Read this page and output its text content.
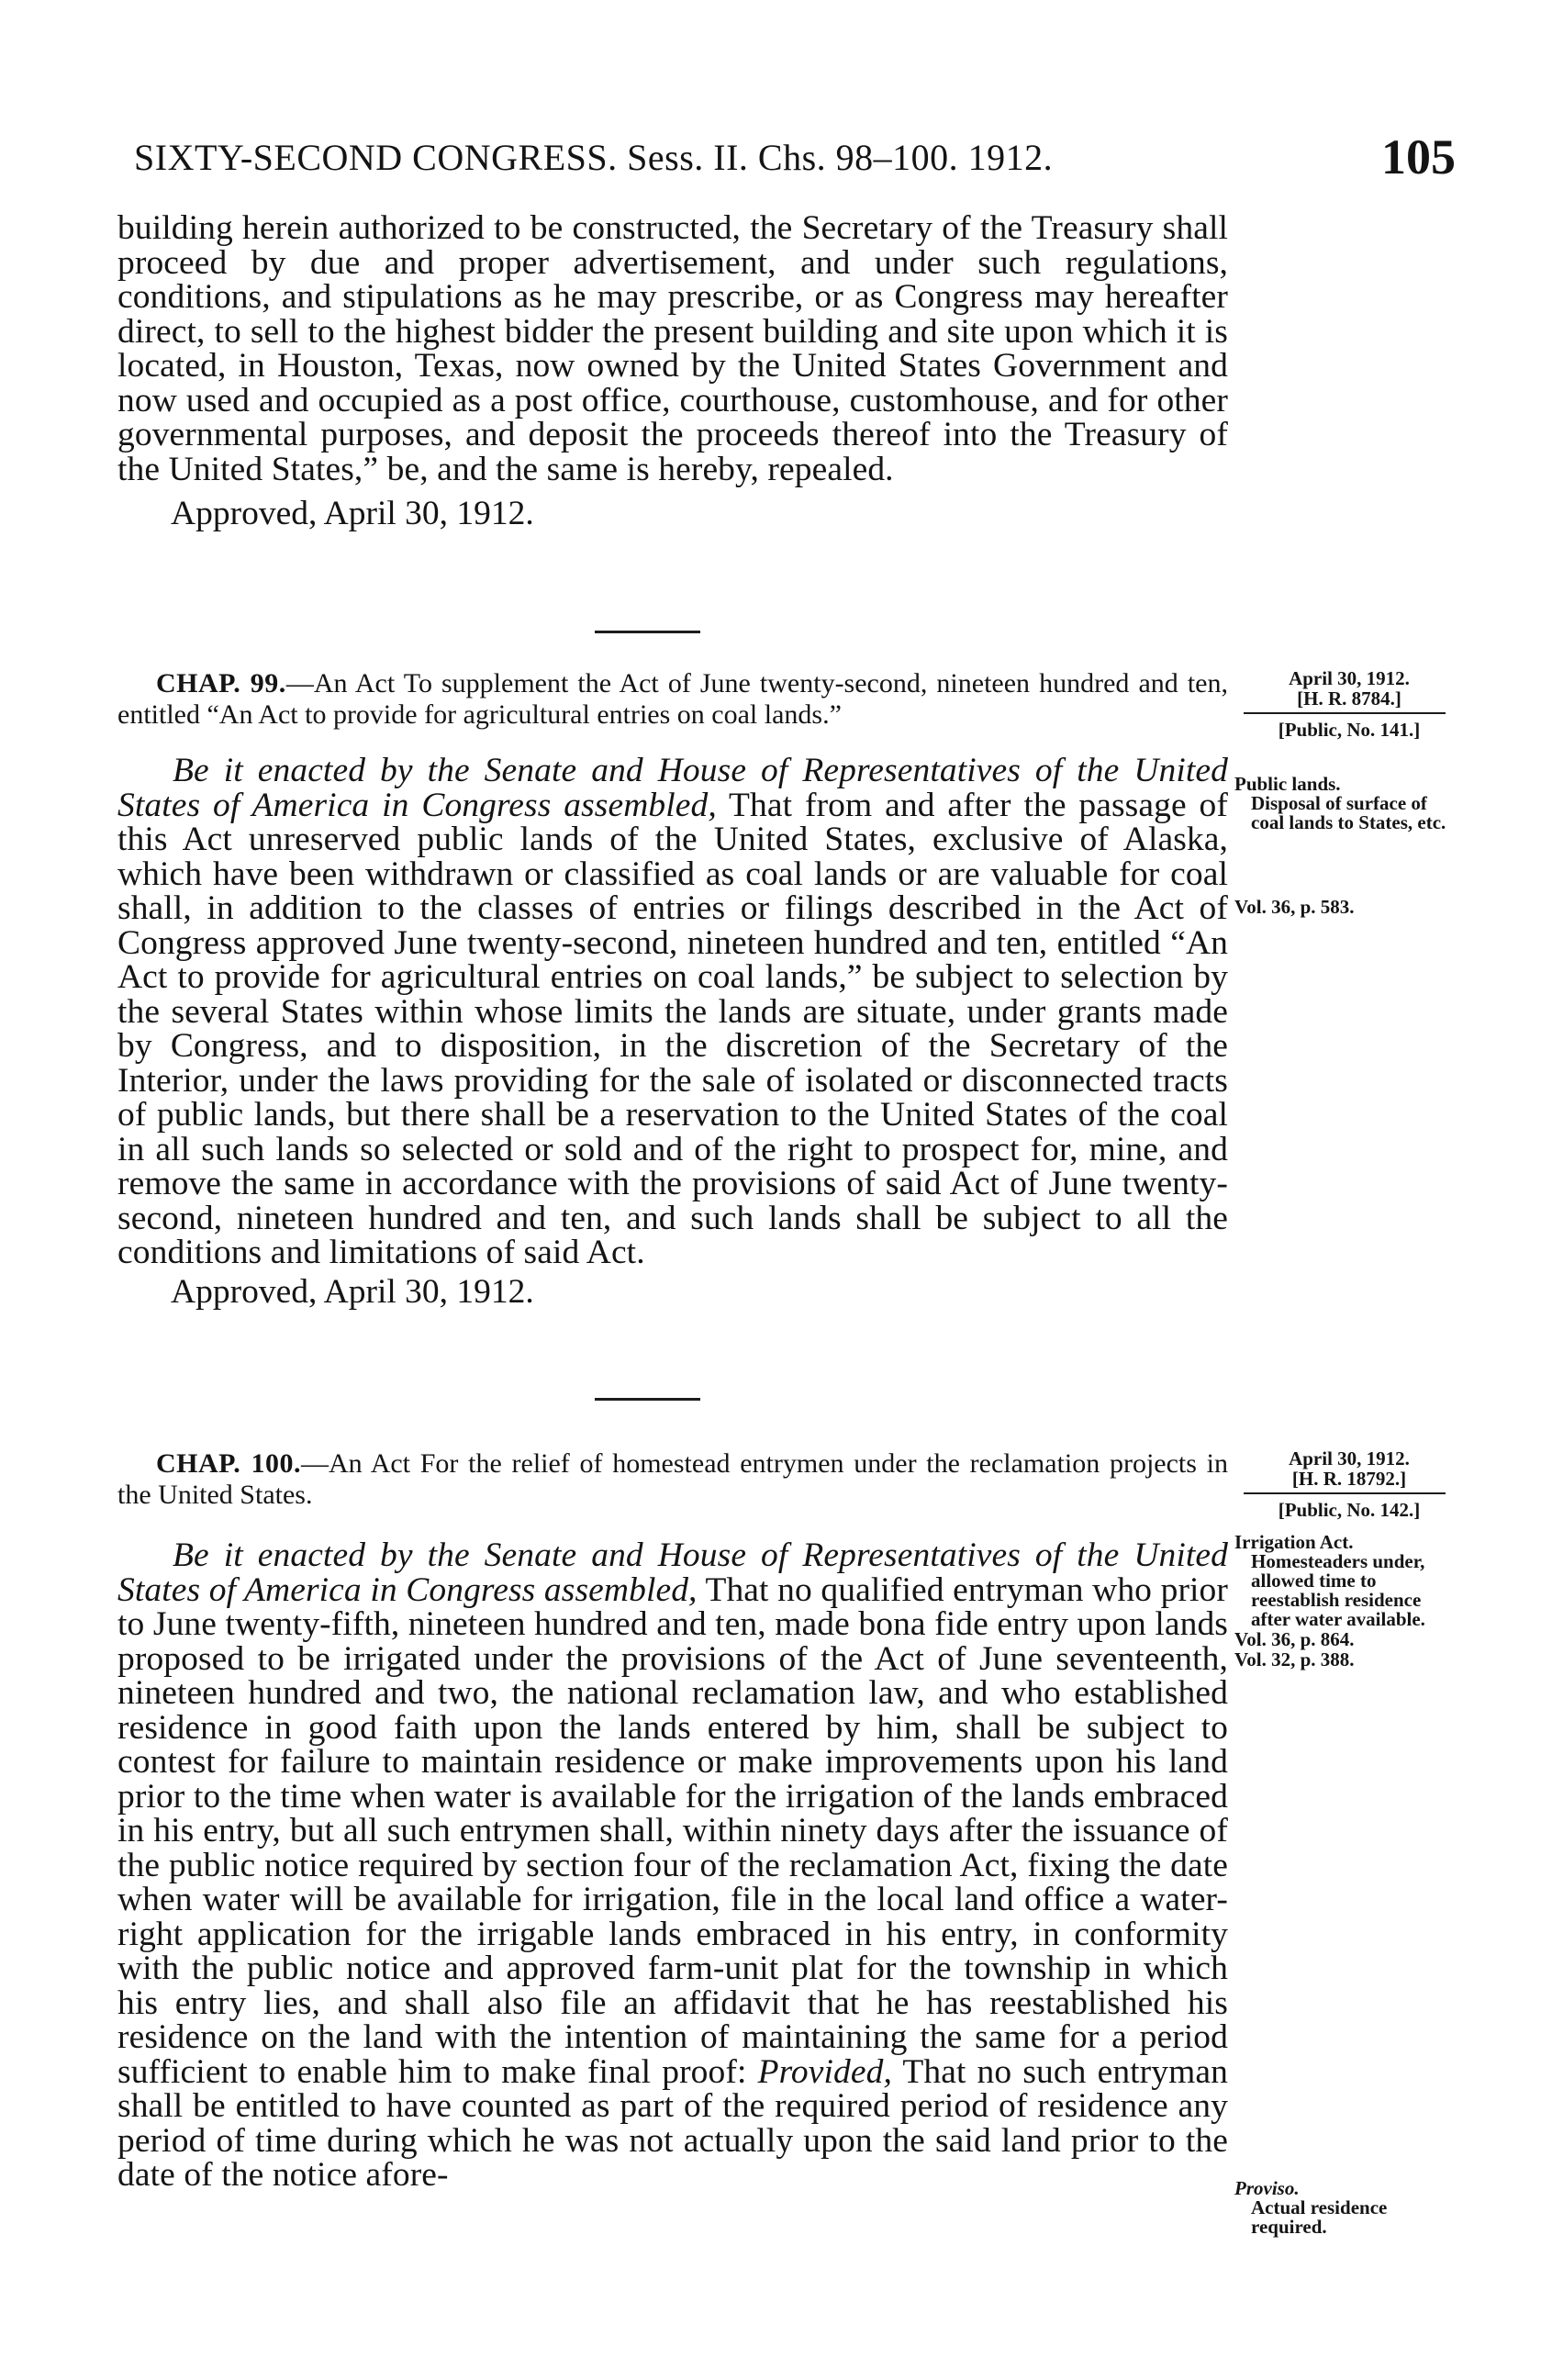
SIXTY-SECOND CONGRESS. Sess. II. Chs. 98–100. 1912.	105

building herein authorized to be constructed, the Secretary of the Treasury shall proceed by due and proper advertisement, and under such regulations, conditions, and stipulations as he may prescribe, or as Congress may hereafter direct, to sell to the highest bidder the present building and site upon which it is located, in Houston, Texas, now owned by the United States Government and now used and occupied as a post office, courthouse, customhouse, and for other governmental purposes, and deposit the proceeds thereof into the Treasury of the United States,” be, and the same is hereby, repealed.

Approved, April 30, 1912.

CHAP. 99.—An Act To supplement the Act of June twenty-second, nineteen hundred and ten, entitled “An Act to provide for agricultural entries on coal lands.”

Be it enacted by the Senate and House of Representatives of the United States of America in Congress assembled, That from and after the passage of this Act unreserved public lands of the United States, exclusive of Alaska, which have been withdrawn or classified as coal lands or are valuable for coal shall, in addition to the classes of entries or filings described in the Act of Congress approved June twenty-second, nineteen hundred and ten, entitled “An Act to provide for agricultural entries on coal lands,” be subject to selection by the several States within whose limits the lands are situate, under grants made by Congress, and to disposition, in the discretion of the Secretary of the Interior, under the laws providing for the sale of isolated or disconnected tracts of public lands, but there shall be a reservation to the United States of the coal in all such lands so selected or sold and of the right to prospect for, mine, and remove the same in accordance with the provisions of said Act of June twenty-second, nineteen hundred and ten, and such lands shall be subject to all the conditions and limitations of said Act.

Approved, April 30, 1912.

April 30, 1912.
[H. R. 8784.]
[Public, No. 141.]
Public lands.
Disposal of surface of coal lands to States, etc.
Vol. 36, p. 583.

CHAP. 100.—An Act For the relief of homestead entrymen under the reclamation projects in the United States.

Be it enacted by the Senate and House of Representatives of the United States of America in Congress assembled, That no qualified entryman who prior to June twenty-fifth, nineteen hundred and ten, made bona fide entry upon lands proposed to be irrigated under the provisions of the Act of June seventeenth, nineteen hundred and two, the national reclamation law, and who established residence in good faith upon the lands entered by him, shall be subject to contest for failure to maintain residence or make improvements upon his land prior to the time when water is available for the irrigation of the lands embraced in his entry, but all such entrymen shall, within ninety days after the issuance of the public notice required by section four of the reclamation Act, fixing the date when water will be available for irrigation, file in the local land office a water-right application for the irrigable lands embraced in his entry, in conformity with the public notice and approved farm-unit plat for the township in which his entry lies, and shall also file an affidavit that he has reestablished his residence on the land with the intention of maintaining the same for a period sufficient to enable him to make final proof: Provided, That no such entryman shall be entitled to have counted as part of the required period of residence any period of time during which he was not actually upon the said land prior to the date of the notice afore-

April 30, 1912.
[H. R. 18792.]
[Public, No. 142.]
Irrigation Act.
Homesteaders under, allowed time to reestablish residence after water available.
Vol. 36, p. 864.
Vol. 32, p. 388.
Proviso.
Actual residence required.
